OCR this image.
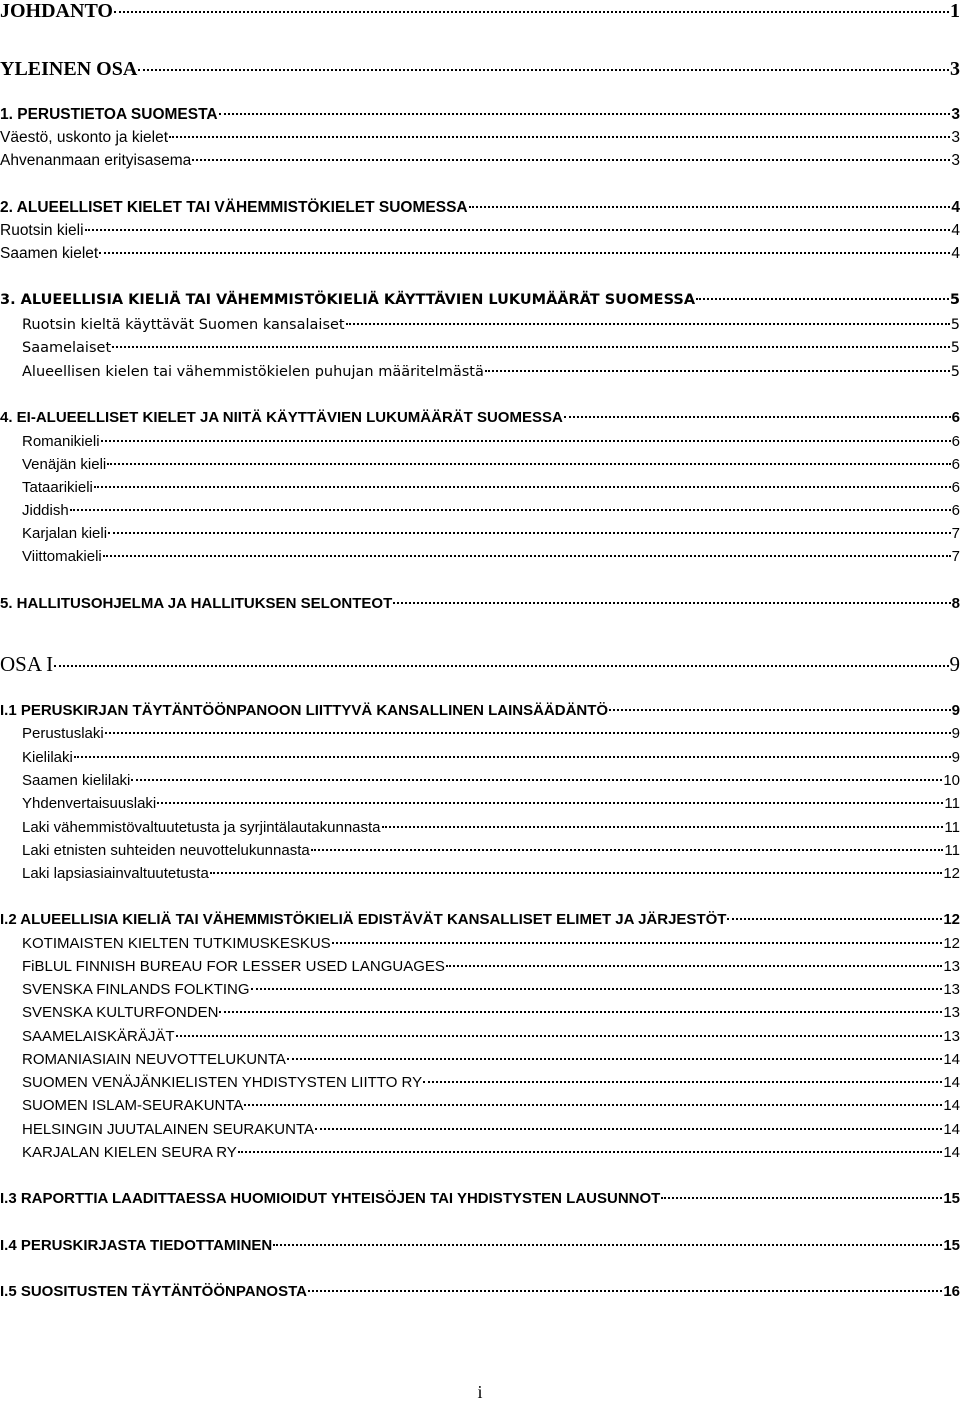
JOHDANTO	1
YLEINEN OSA	3
1. PERUSTIETOA SUOMESTA	3
Väestö, uskonto ja kielet	3
Ahvenanmaan erityisasema	3
2. ALUEELLISET KIELET TAI VÄHEMMISTÖKIELET SUOMESSA	4
Ruotsin kieli	4
Saamen kielet	4
3. ALUEELLISIA KIELIÄ TAI VÄHEMMISTÖKIELIÄ KÄYTTÄVIEN LUKUMÄÄRÄT SUOMESSA	5
Ruotsin kieltä käyttävät Suomen kansalaiset	5
Saamelaiset	5
Alueellisen kielen tai vähemmistökielen puhujan määritelmästä	5
4. EI-ALUEELLISET KIELET JA NIITÄ KÄYTTÄVIEN LUKUMÄÄRÄT SUOMESSA	6
Romanikieli	6
Venäjän kieli	6
Tataarikieli	6
Jiddish	6
Karjalan kieli	7
Viittomakieli	7
5. HALLITUSOHJELMA JA HALLITUKSEN SELONTEOT	8
OSA I	9
I.1 PERUSKIRJAN TÄYTÄNTÖÖNPANOON LIITTYVÄ KANSALLINEN LAINSÄÄDÄNTÖ	9
Perustuslaki	9
Kielilaki	9
Saamen kielilaki	10
Yhdenvertaisuuslaki	11
Laki vähemmistövaltuutetusta ja syrjintälautakunnasta	11
Laki etnisten suhteiden neuvottelukunnasta	11
Laki lapsiasiainvaltuutetusta	12
I.2 ALUEELLISIA KIELIÄ TAI VÄHEMMISTÖKIELIÄ EDISTÄVÄT KANSALLISET ELIMET JA JÄRJESTÖT	12
KOTIMAISTEN KIELTEN TUTKIMUSKESKUS	12
FiBLUL FINNISH BUREAU FOR LESSER USED LANGUAGES	13
SVENSKA FINLANDS FOLKTING	13
SVENSKA KULTURFONDEN	13
SAAMELAISKÄRÄJÄT	13
ROMANIASIAIN NEUVOTTELUKUNTA	14
SUOMEN VENÄJÄNKIELISTEN YHDISTYSTEN LIITTO RY	14
SUOMEN ISLAM-SEURAKUNTA	14
HELSINGIN JUUTALAINEN SEURAKUNTA	14
KARJALAN KIELEN SEURA RY	14
I.3 RAPORTTIA LAADITTAESSA HUOMIOIDUT YHTEISÖJEN TAI YHDISTYSTEN LAUSUNNOT	15
I.4 PERUSKIRJASTA TIEDOTTAMINEN	15
I.5 SUOSITUSTEN TÄYTÄNTÖÖNPANOSTA	16
i
